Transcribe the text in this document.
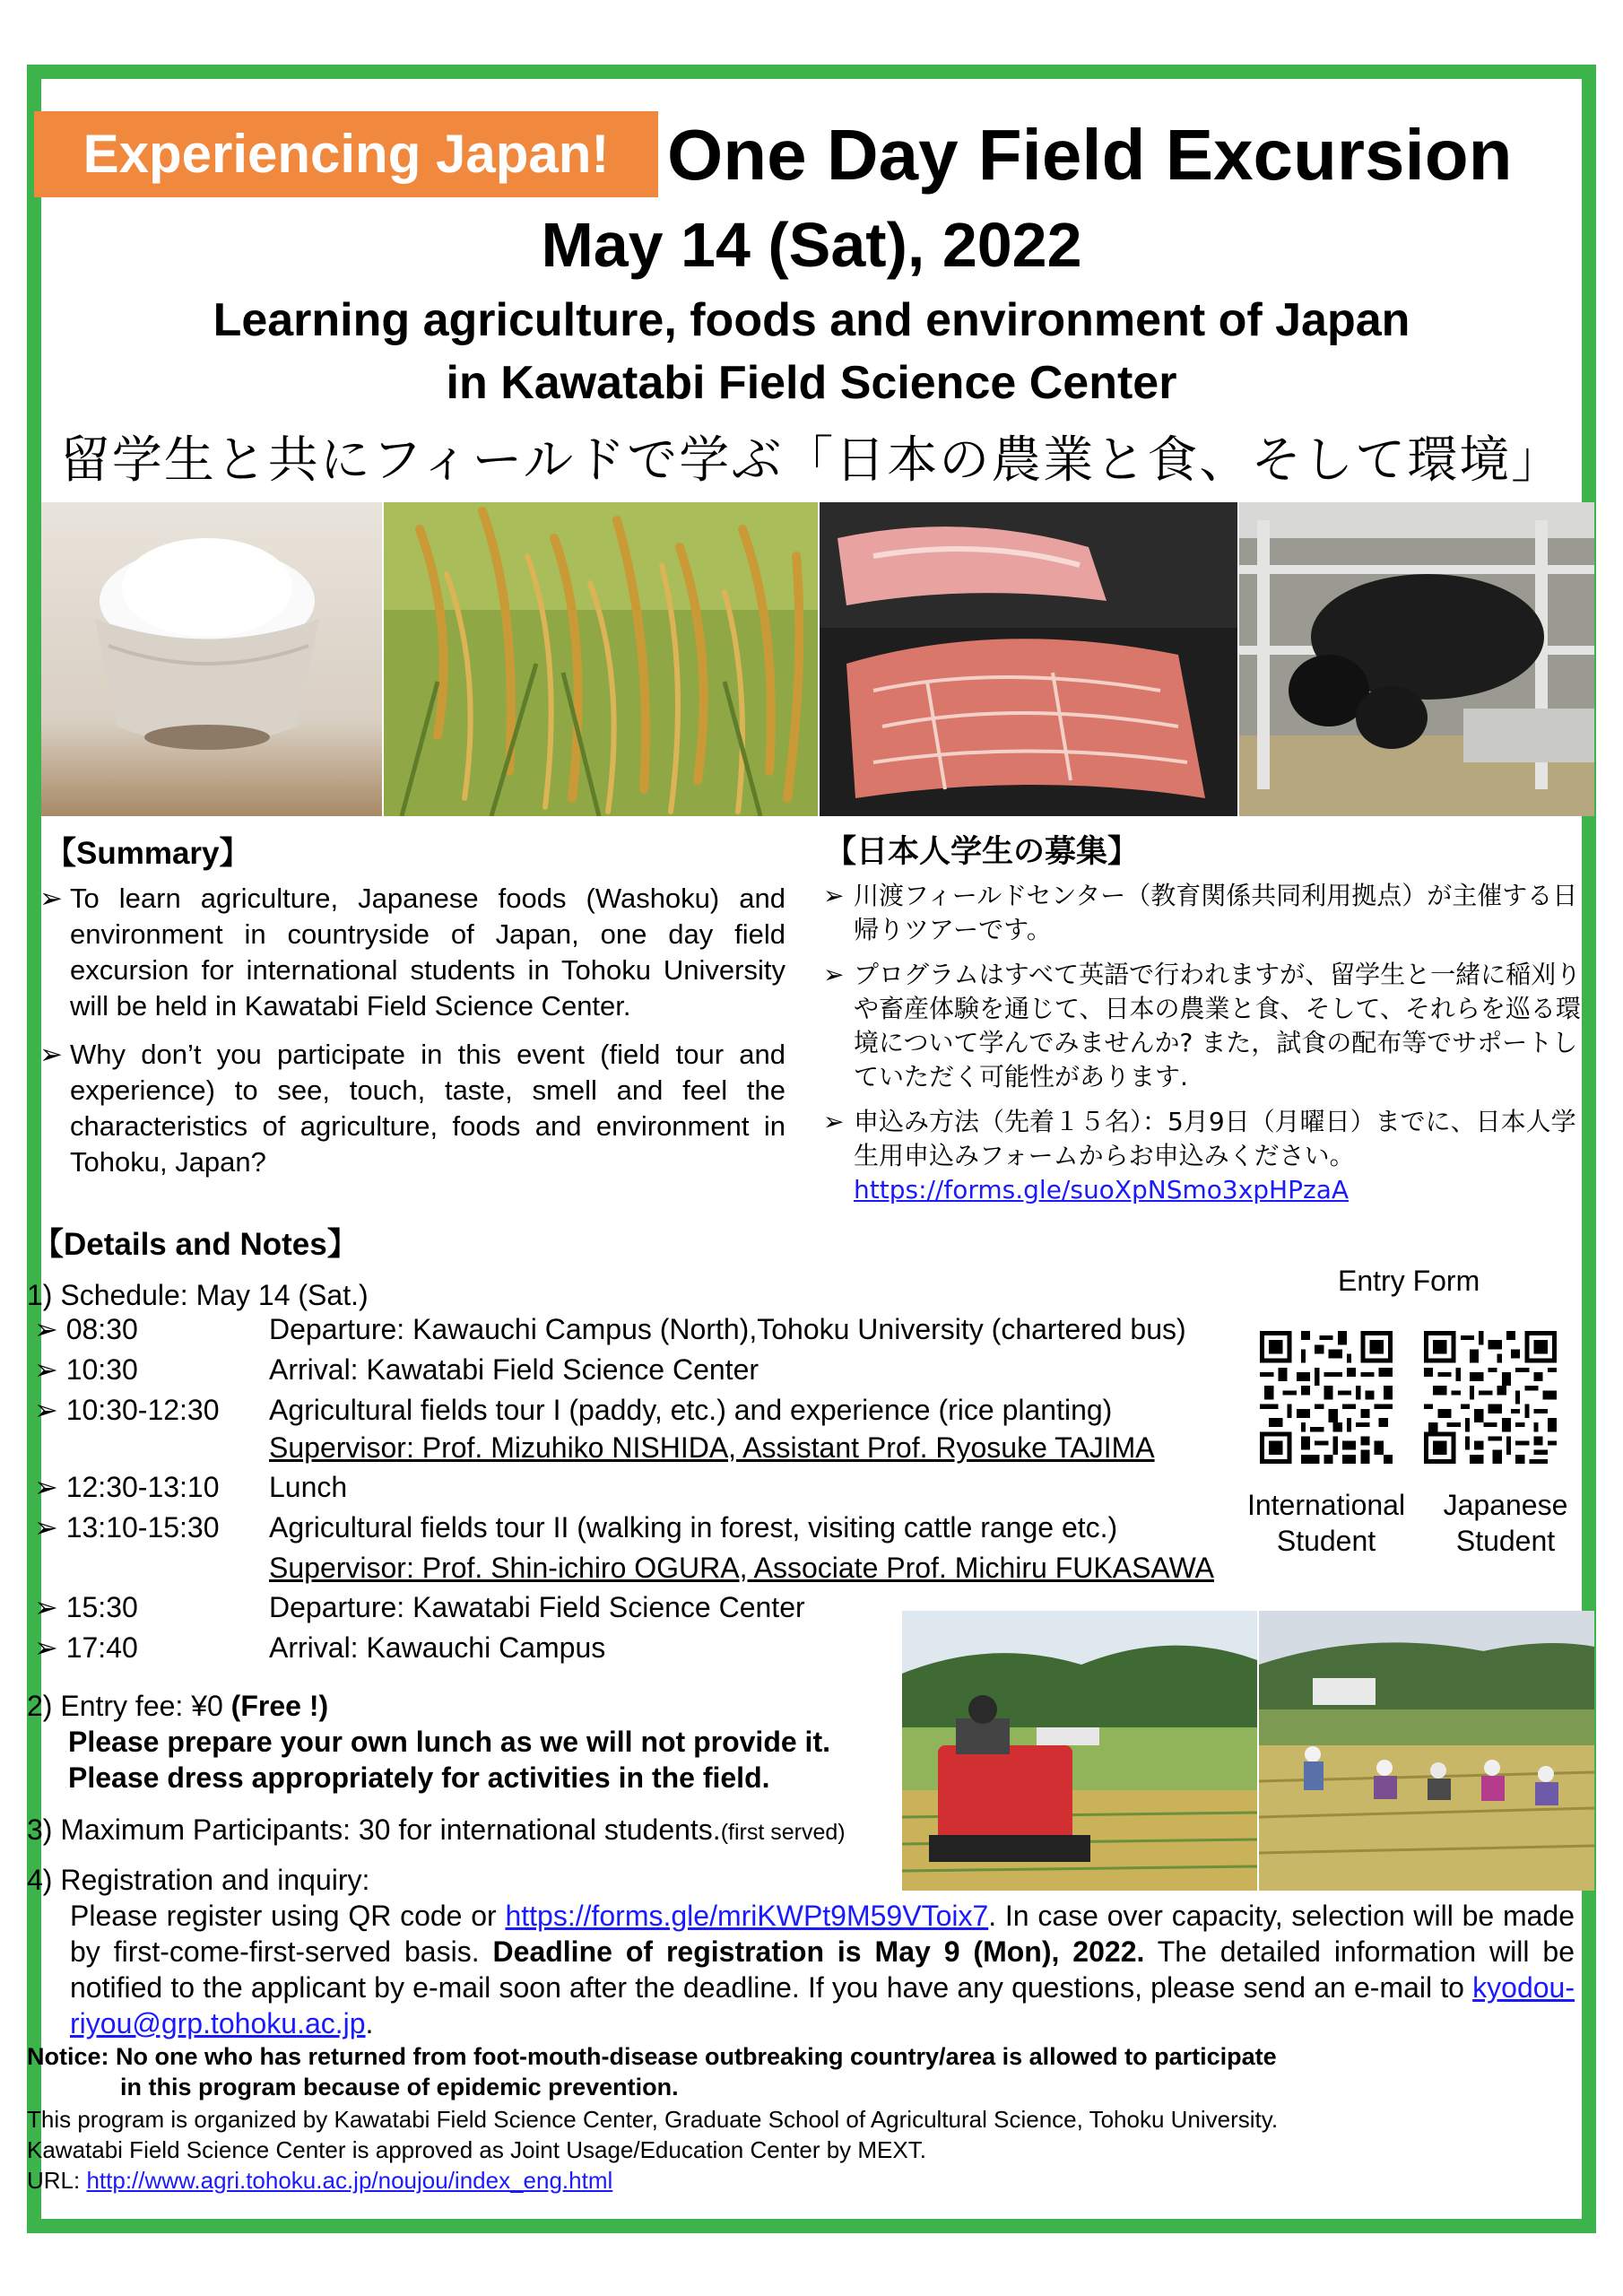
Experiencing Japan! One Day Field Excursion
May 14 (Sat), 2022
Learning agriculture, foods and environment of Japan
in Kawatabi Field Science Center
留学生と共にフィールドで学ぶ「日本の農業と食、そして環境」
【Summary】
➢ To learn agriculture, Japanese foods (Washoku) and environment in countryside of Japan, one day field excursion for international students in Tohoku University will be held in Kawatabi Field Science Center.
➢ Why don’t you participate in this event (field tour and experience) to see, touch, taste, smell and feel the characteristics of agriculture, foods and environment in Tohoku, Japan?
【日本人学生の募集】
➢ 川渡フィールドセンター（教育関係共同利用拠点）が主催する日帰りツアーです。
➢ プログラムはすべて英語で行われますが、留学生と一緒に稲刈りや畜産体験を通じて、日本の農業と食、そして、それらを巡る環境について学んでみませんか? また，試食の配布等でサポートしていただく可能性があります.
➢ 申込み方法（先着１５名）：5月9日（月曜日）までに、日本人学生用申込みフォームからお申込みください。
https://forms.gle/suoXpNSmo3xpHPzaA
【Details and Notes】
1) Schedule: May 14 (Sat.)
➢ 08:30	Departure: Kawauchi Campus (North),Tohoku University (chartered bus)
➢ 10:30	Arrival: Kawatabi Field Science Center
➢ 10:30-12:30 Agricultural fields tour I (paddy, etc.) and experience (rice planting)
Supervisor: Prof. Mizuhiko NISHIDA, Assistant Prof. Ryosuke TAJIMA
➢ 12:30-13:10 Lunch
➢ 13:10-15:30 Agricultural fields tour II (walking in forest, visiting cattle range etc.)
Supervisor: Prof. Shin-ichiro OGURA, Associate Prof. Michiru FUKASAWA
➢ 15:30	Departure: Kawatabi Field Science Center
➢ 17:40	Arrival: Kawauchi Campus
Entry Form
International
Student
Japanese
Student
2) Entry fee: ¥0 (Free !)
Please prepare your own lunch as we will not provide it.
Please dress appropriately for activities in the field.
3) Maximum Participants: 30 for international students.(first served)
4) Registration and inquiry:
Please register using QR code or https://forms.gle/mriKWPt9M59VToix7. In case over capacity, selection will be made by first-come-first-served basis. Deadline of registration is May 9 (Mon), 2022. The detailed information will be notified to the applicant by e-mail soon after the deadline. If you have any questions, please send an e-mail to kyodou-riyou@grp.tohoku.ac.jp.
Notice: No one who has returned from foot-mouth-disease outbreaking country/area is allowed to participate
in this program because of epidemic prevention.
This program is organized by Kawatabi Field Science Center, Graduate School of Agricultural Science, Tohoku University.
Kawatabi Field Science Center is approved as Joint Usage/Education Center by MEXT.
URL: http://www.agri.tohoku.ac.jp/noujou/index_eng.html
